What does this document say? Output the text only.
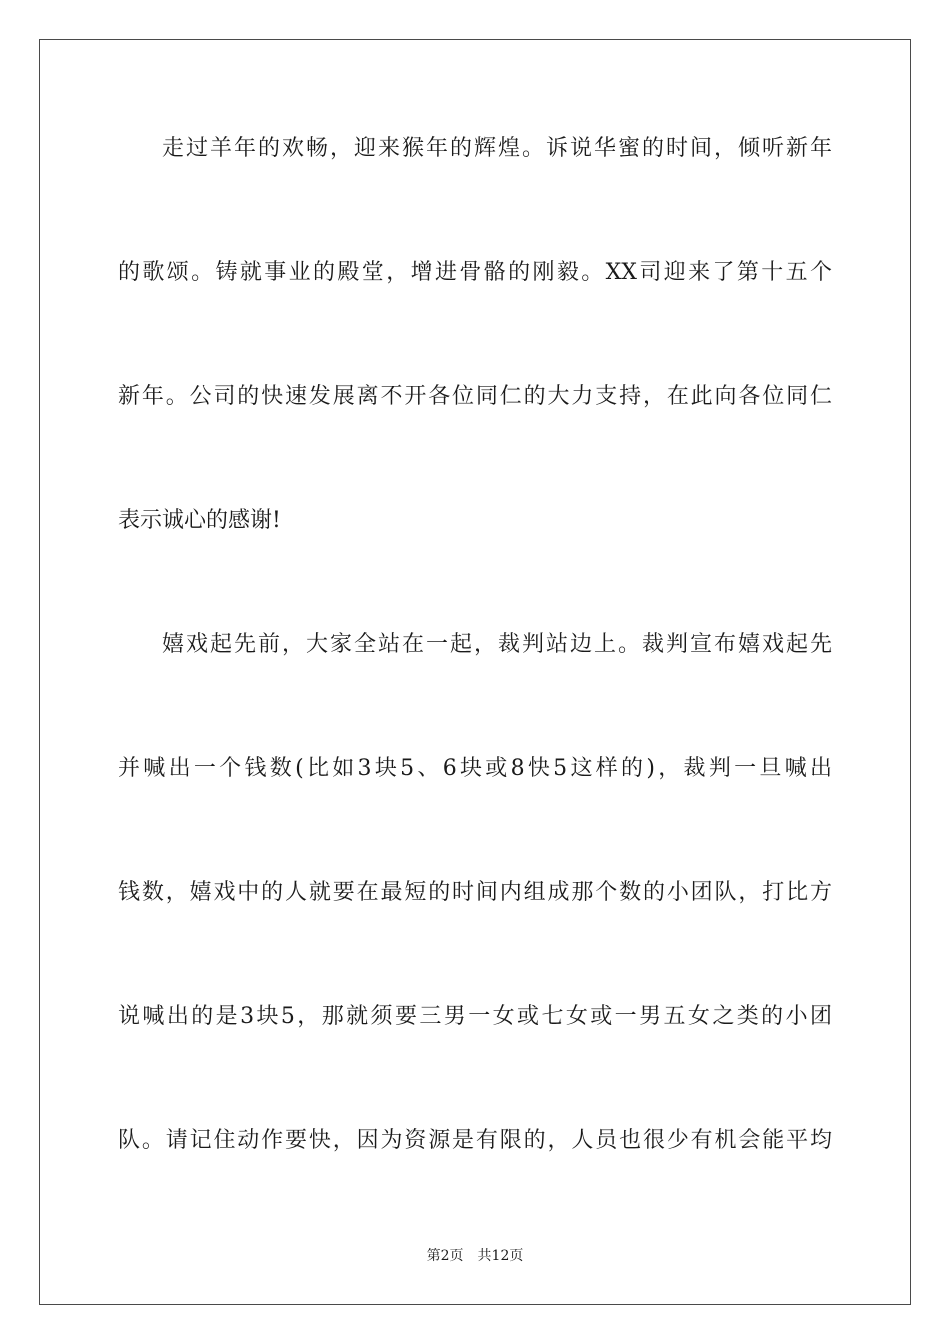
走过羊年的欢畅，迎来猴年的辉煌。诉说华蜜的时间，倾听新年
的歌颂。铸就事业的殿堂，增进骨骼的刚毅。XX司迎来了第十五个
新年。公司的快速发展离不开各位同仁的大力支持，在此向各位同仁
表示诚心的感谢!
嬉戏起先前，大家全站在一起，裁判站边上。裁判宣布嬉戏起先
并喊出一个钱数(比如3块5、6块或8快5这样的)，裁判一旦喊出
钱数，嬉戏中的人就要在最短的时间内组成那个数的小团队，打比方
说喊出的是3块5，那就须要三男一女或七女或一男五女之类的小团
队。请记住动作要快，因为资源是有限的，人员也很少有机会能平均
第2页 共12页
